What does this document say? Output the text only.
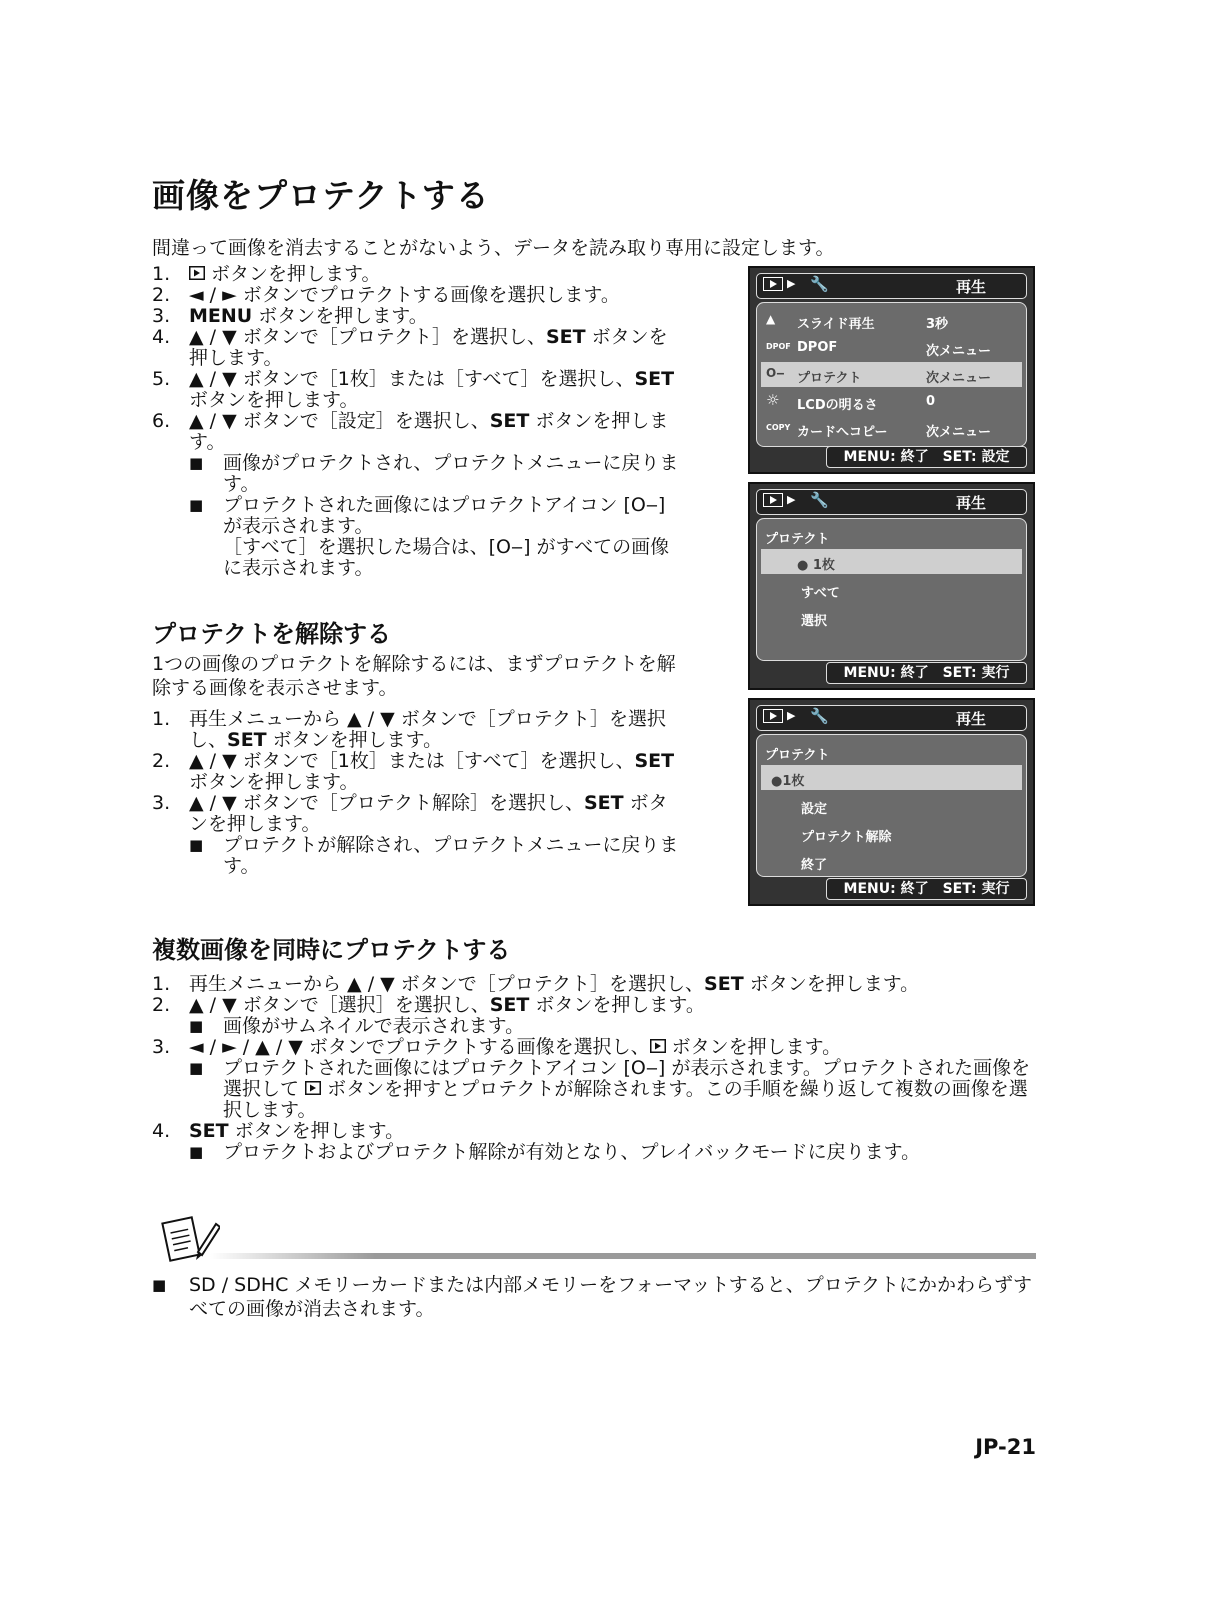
画像をプロテクトする
間違って画像を消去することがないよう、データを読み取り専用に設定します。
1. ボタンを押します。
2. ◄ / ► ボタンでプロテクトする画像を選択します。
3. MENU ボタンを押します。
4. ▲ / ▼ ボタンで［プロテクト］を選択し、SET ボタンを押します。
5. ▲ / ▼ ボタンで［1枚］または［すべて］を選択し、SET ボタンを押します。
6. ▲ / ▼ ボタンで［設定］を選択し、SET ボタンを押します。
■ 画像がプロテクトされ、プロテクトメニューに戻ります。
■ プロテクトされた画像にはプロテクトアイコン [O‒] が表示されます。
［すべて］を選択した場合は、[O‒] がすべての画像に表示されます。
プロテクトを解除する
1つの画像のプロテクトを解除するには、まずプロテクトを解除する画像を表示させます。
1. 再生メニューから ▲ / ▼ ボタンで［プロテクト］を選択し、SET ボタンを押します。
2. ▲ / ▼ ボタンで［1枚］または［すべて］を選択し、SET ボタンを押します。
3. ▲ / ▼ ボタンで［プロテクト解除］を選択し、SET ボタンを押します。
■ プロテクトが解除され、プロテクトメニューに戻ります。
▶ 🔧	再生
▲ スライド再生	3秒
DPOF DPOF	次メニュー
O‒ プロテクト	次メニュー
☼ LCDの明るさ	0
COPY カードへコピー	次メニュー
MENU: 終了　SET: 設定
▶ 🔧	再生
プロテクト
● 1枚
すべて
選択
MENU: 終了　SET: 実行
▶ 🔧	再生
プロテクト
●1枚
設定
プロテクト解除
終了
MENU: 終了　SET: 実行
複数画像を同時にプロテクトする
1. 再生メニューから ▲ / ▼ ボタンで［プロテクト］を選択し、SET ボタンを押します。
2. ▲ / ▼ ボタンで［選択］を選択し、SET ボタンを押します。
■ 画像がサムネイルで表示されます。
3. ◄ / ► / ▲ / ▼ ボタンでプロテクトする画像を選択し、 ボタンを押します。
■ プロテクトされた画像にはプロテクトアイコン [O‒] が表示されます。プロテクトされた画像を選択して  ボタンを押すとプロテクトが解除されます。この手順を繰り返して複数の画像を選択します。
4. SET ボタンを押します。
■ プロテクトおよびプロテクト解除が有効となり、プレイバックモードに戻ります。
■ SD / SDHC メモリーカードまたは内部メモリーをフォーマットすると、プロテクトにかかわらずすべての画像が消去されます。
JP-21
